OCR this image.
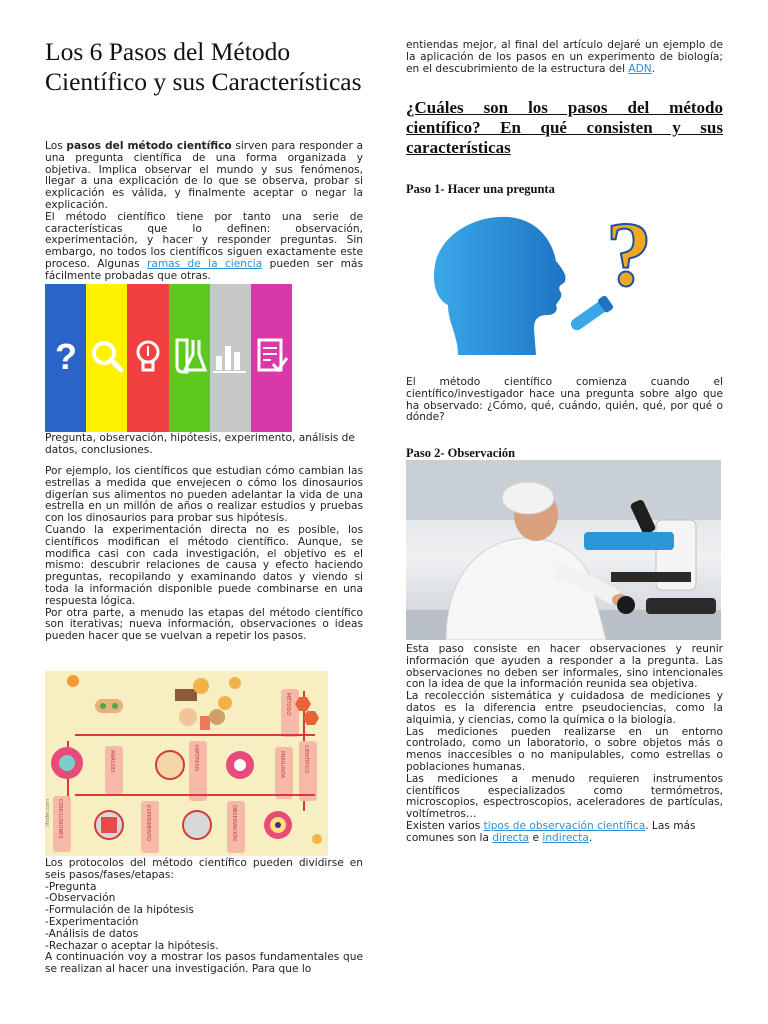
Los 6 Pasos del Método Científico y sus Características

Los pasos del método científico sirven para responder a una pregunta científica de una forma organizada y objetiva. Implica observar el mundo y sus fenómenos, llegar a una explicación de lo que se observa, probar si explicación es válida, y finalmente aceptar o negar la explicación.

El método científico tiene por tanto una serie de características que lo definen: observación, experimentación, y hacer y responder preguntas. Sin embargo, no todos los científicos siguen exactamente este proceso. Algunas ramas de la ciencia pueden ser más fácilmente probadas que otras.

?
Pregunta, observación, hipótesis, experimento, análisis de datos, conclusiones.

Por ejemplo, los científicos que estudian cómo cambian las estrellas a medida que envejecen o cómo los dinosaurios digerían sus alimentos no pueden adelantar la vida de una estrella en un millón de años o realizar estudios y pruebas con los dinosaurios para probar sus hipótesis.

Cuando la experimentación directa no es posible, los científicos modifican el método científico. Aunque, se modifica casi con cada investigación, el objetivo es el mismo: descubrir relaciones de causa y efecto haciendo preguntas, recopilando y examinando datos y viendo si toda la información disponible puede combinarse en una respuesta lógica.

Por otra parte, a menudo las etapas del método científico son iterativas; nueva información, observaciones o ideas pueden hacer que se vuelvan a repetir los pasos.

MÉTODO
CIENTÍFICO
PREGUNTA
HIPÓTESIS
ANÁLISIS
OBSERVACIÓN
EXPERIMENTO
CONCLUSIONES
lifeder.com

Los protocolos del método científico pueden dividirse en seis pasos/fases/etapas:

-Pregunta

-Observación

-Formulación de la hipótesis

-Experimentación

-Análisis de datos

-Rechazar o aceptar la hipótesis.

A continuación voy a mostrar los pasos fundamentales que se realizan al hacer una investigación. Para que lo

entiendas mejor, al final del artículo dejaré un ejemplo de la aplicación de los pasos en un experimento de biología; en el descubrimiento de la estructura del ADN.

¿Cuáles son los pasos del método científico? En qué consisten y sus características
Paso 1- Hacer una pregunta
?
El método científico comienza cuando el científico/investigador hace una pregunta sobre algo que ha observado: ¿Cómo, qué, cuándo, quién, qué, por qué o dónde?
Paso 2- Observación

Esta paso consiste en hacer observaciones y reunir información que ayuden a responder a la pregunta. Las observaciones no deben ser informales, sino intencionales con la idea de que la información reunida sea objetiva.

La recolección sistemática y cuidadosa de mediciones y datos es la diferencia entre pseudociencias, como la alquimia, y ciencias, como la química o la biología.

Las mediciones pueden realizarse en un entorno controlado, como un laboratorio, o sobre objetos más o menos inaccesibles o no manipulables, como estrellas o poblaciones humanas.

Las mediciones a menudo requieren instrumentos científicos especializados como termómetros, microscopios, espectroscopios, aceleradores de partículas, voltímetros…

Existen varios tipos de observación científica. Las más comunes son la directa e indirecta.
